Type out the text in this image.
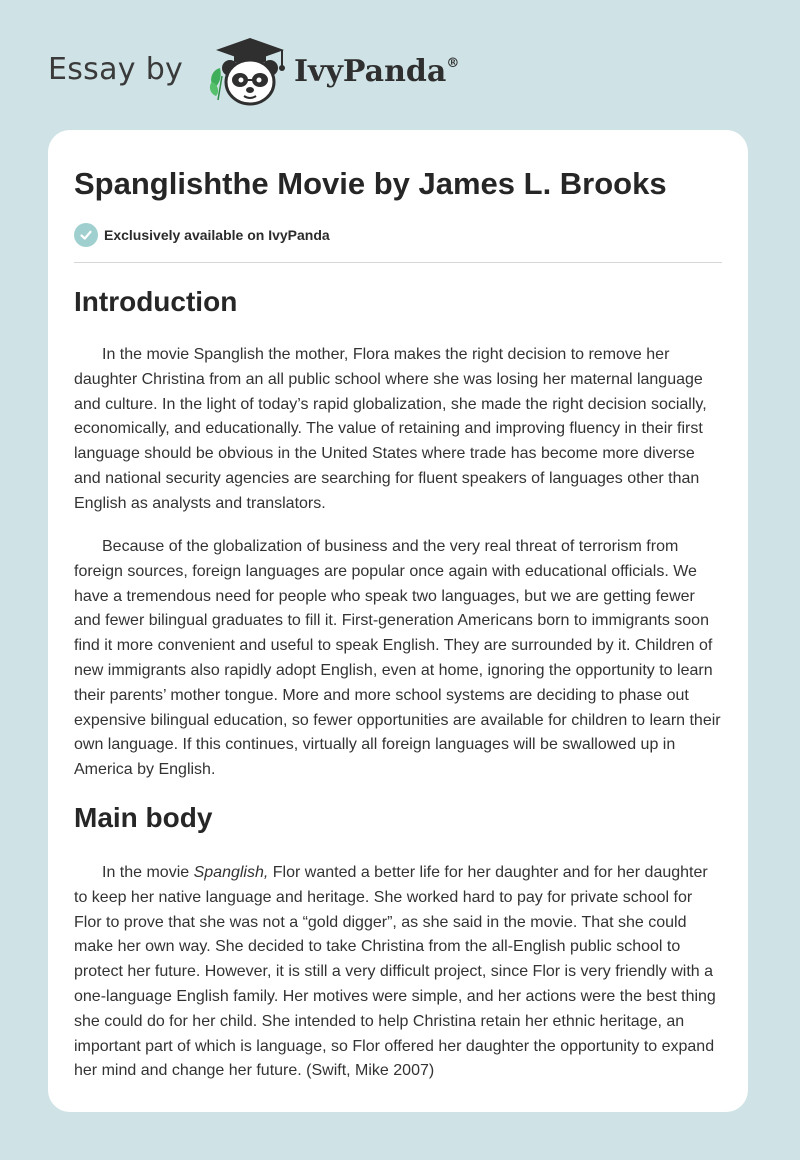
Essay by	IvyPanda®
Spanglishthe Movie by James L. Brooks
Exclusively available on IvyPanda
Introduction

In the movie Spanglish the mother, Flora makes the right decision to remove her daughter Christina from an all public school where she was losing her maternal language and culture. In the light of today’s rapid globalization, she made the right decision socially, economically, and educationally. The value of retaining and improving fluency in their first language should be obvious in the United States where trade has become more diverse and national security agencies are searching for fluent speakers of languages other than English as analysts and translators.

Because of the globalization of business and the very real threat of terrorism from foreign sources, foreign languages are popular once again with educational officials. We have a tremendous need for people who speak two languages, but we are getting fewer and fewer bilingual graduates to fill it. First-generation Americans born to immigrants soon find it more convenient and useful to speak English. They are surrounded by it. Children of new immigrants also rapidly adopt English, even at home, ignoring the opportunity to learn their parents’ mother tongue. More and more school systems are deciding to phase out expensive bilingual education, so fewer opportunities are available for children to learn their own language. If this continues, virtually all foreign languages will be swallowed up in America by English.

Main body

In the movie Spanglish, Flor wanted a better life for her daughter and for her daughter to keep her native language and heritage. She worked hard to pay for private school for Flor to prove that she was not a “gold digger”, as she said in the movie. That she could make her own way. She decided to take Christina from the all-English public school to protect her future. However, it is still a very difficult project, since Flor is very friendly with a one-language English family. Her motives were simple, and her actions were the best thing she could do for her child. She intended to help Christina retain her ethnic heritage, an important part of which is language, so Flor offered her daughter the opportunity to expand her mind and change her future. (Swift, Mike 2007)
